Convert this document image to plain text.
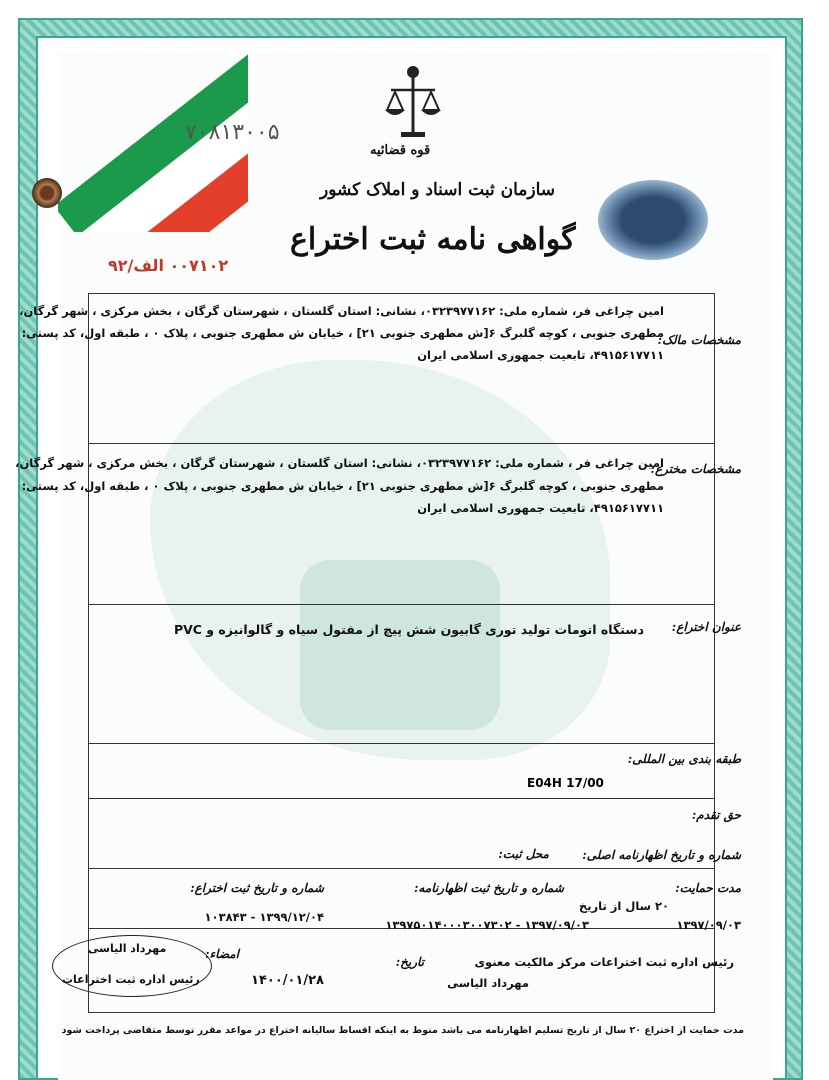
۷۰۸۱۳۰۰۵
قوه قضائیه
سازمان ثبت اسناد و املاک کشور
گواهی نامه ثبت اختراع
۰۰۷۱۰۲ الف/۹۲
مشخصات مالک:
امین چراغی فر، شماره ملی: ۰۳۲۳۹۷۷۱۶۲، نشانی: استان گلستان ، شهرستان گرگان ، بخش مرکزی ، شهر گرگان،
مطهری جنوبی ، کوچه گلبرگ ۶[ش مطهری جنوبی ۲۱] ، خیابان ش مطهری جنوبی ، پلاک ۰ ، طبقه اول، کد پستی:
۴۹۱۵۶۱۷۷۱۱، تابعیت جمهوری اسلامی ایران
مشخصات مخترع:
امین چراغی فر ، شماره ملی: ۰۳۲۳۹۷۷۱۶۲، نشانی: استان گلستان ، شهرستان گرگان ، بخش مرکزی ، شهر گرگان،
مطهری جنوبی ، کوچه گلبرگ ۶[ش مطهری جنوبی ۲۱] ، خیابان ش مطهری جنوبی ، پلاک ۰ ، طبقه اول، کد پستی:
۴۹۱۵۶۱۷۷۱۱، تابعیت جمهوری اسلامی ایران
عنوان اختراع:
دستگاه اتومات تولید توری گابیون شش پیچ از مفتول سیاه و گالوانیزه و PVC
طبقه بندی بین المللی:
E04H 17/00
حق تقدم:
شماره و تاریخ اظهارنامه اصلی:
محل ثبت:
مدت حمایت:
۲۰ سال از تاریخ
۱۳۹۷/۰۹/۰۳
شماره و تاریخ ثبت اظهارنامه:
۱۳۹۷/۰۹/۰۳ - ۱۳۹۷۵۰۱۴۰۰۰۳۰۰۷۳۰۲
شماره و تاریخ ثبت اختراع:
۱۳۹۹/۱۲/۰۴ - ۱۰۳۸۴۳
رئیس اداره ثبت اختراعات مرکز مالکیت معنوی
مهرداد الیاسی
تاریخ:
۱۴۰۰/۰۱/۲۸
امضاء:
مهرداد الیاسی
رئیس اداره ثبت اختراعات
مدت حمایت از اختراع ۲۰ سال از تاریخ تسلیم اظهارنامه می باشد منوط به اینکه اقساط سالیانه اختراع در مواعد مقرر توسط متقاضی پرداخت شود
